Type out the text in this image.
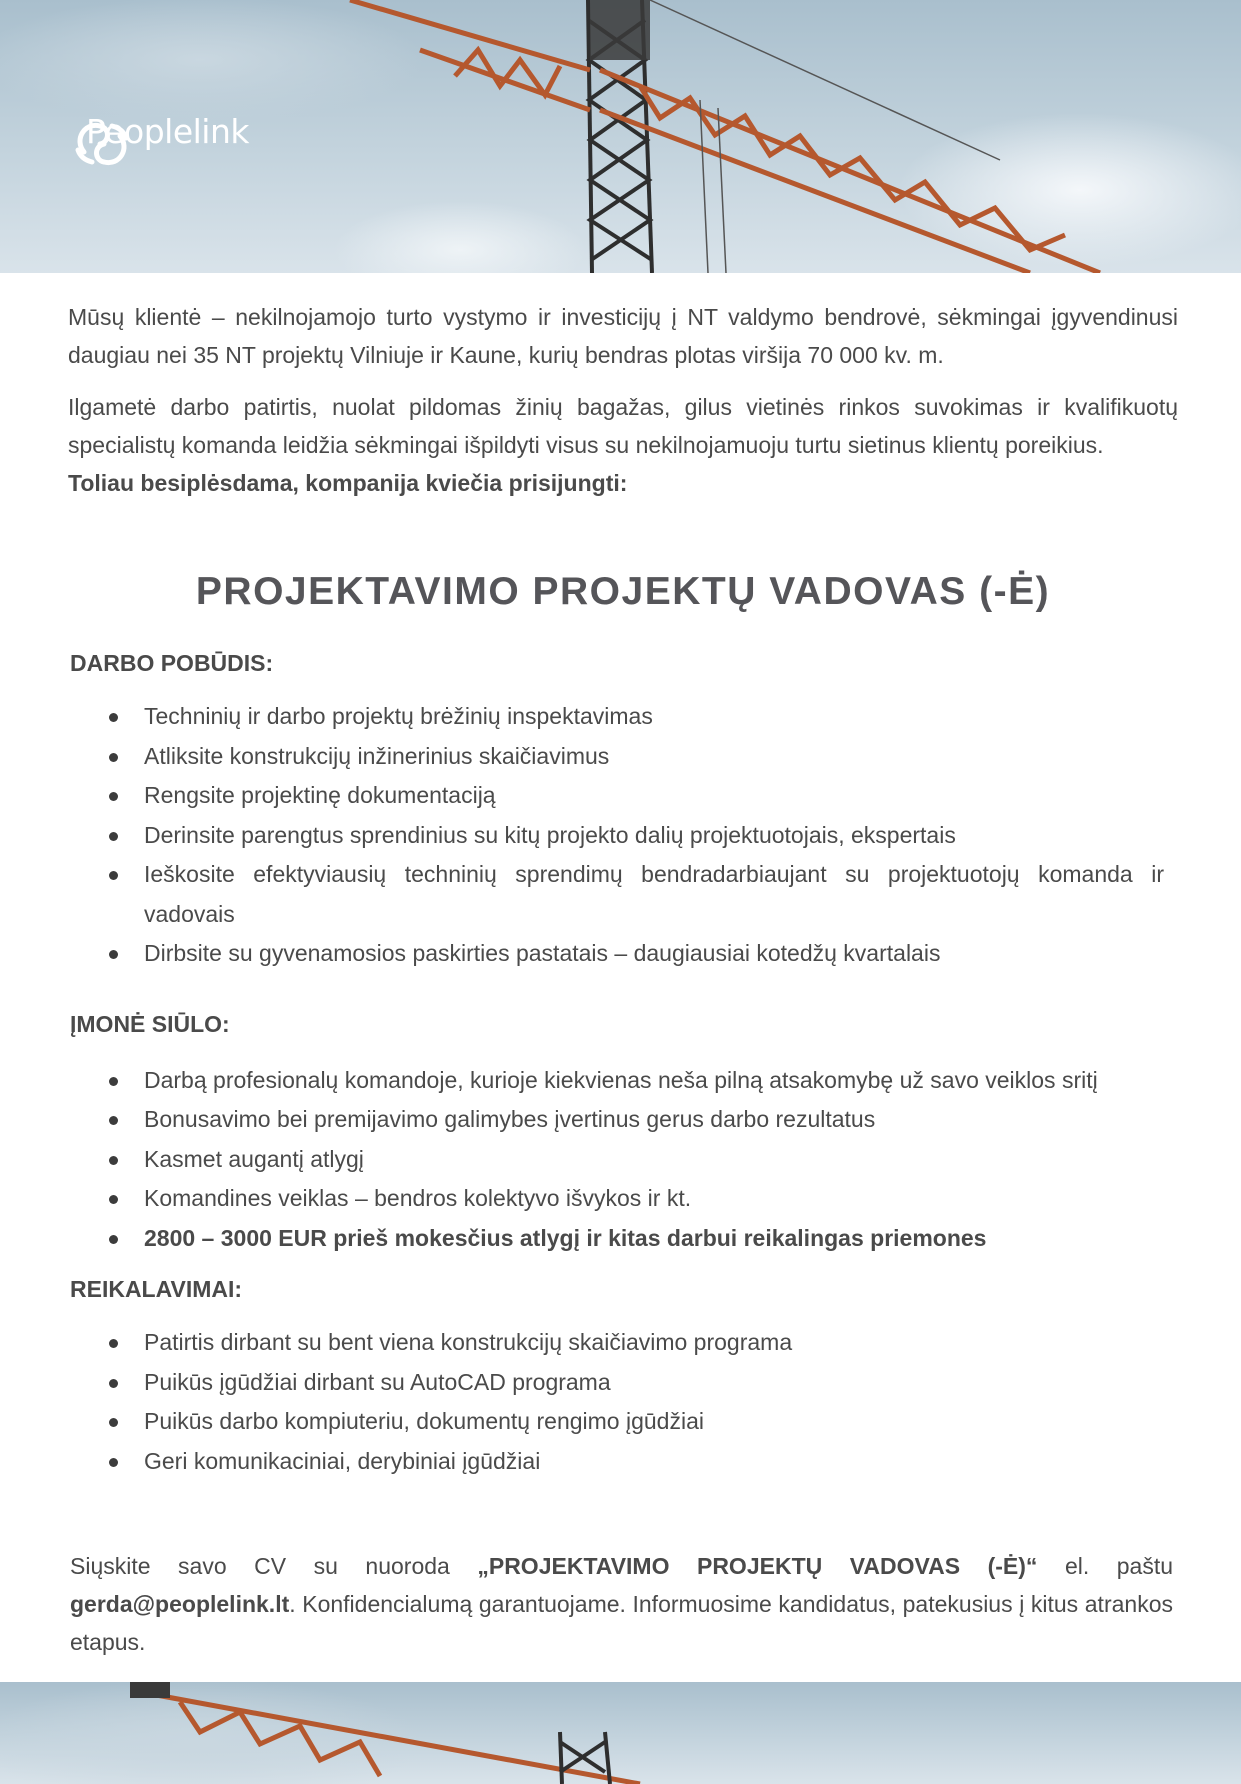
Peoplelink

Mūsų klientė – nekilnojamojo turto vystymo ir investicijų į NT valdymo bendrovė, sėkmingai įgyvendinusi daugiau nei 35 NT projektų Vilniuje ir Kaune, kurių bendras plotas viršija 70 000 kv. m.

Ilgametė darbo patirtis, nuolat pildomas žinių bagažas, gilus vietinės rinkos suvokimas ir kvalifikuotų specialistų komanda leidžia sėkmingai išpildyti visus su nekilnojamuoju turtu sietinus klientų poreikius.
Toliau besiplėsdama, kompanija kviečia prisijungti:

PROJEKTAVIMO PROJEKTŲ VADOVAS (-Ė)
DARBO POBŪDIS:
Techninių ir darbo projektų brėžinių inspektavimas
Atliksite konstrukcijų inžinerinius skaičiavimus
Rengsite projektinę dokumentaciją
Derinsite parengtus sprendinius su kitų projekto dalių projektuotojais, ekspertais
Ieškosite efektyviausių techninių sprendimų bendradarbiaujant su projektuotojų komanda ir vadovais
Dirbsite su gyvenamosios paskirties pastatais – daugiausiai kotedžų kvartalais
ĮMONĖ SIŪLO:
Darbą profesionalų komandoje, kurioje kiekvienas neša pilną atsakomybę už savo veiklos sritį
Bonusavimo bei premijavimo galimybes įvertinus gerus darbo rezultatus
Kasmet augantį atlygį
Komandines veiklas – bendros kolektyvo išvykos ir kt.
2800 – 3000 EUR prieš mokesčius atlygį ir kitas darbui reikalingas priemones
REIKALAVIMAI:
Patirtis dirbant su bent viena konstrukcijų skaičiavimo programa
Puikūs įgūdžiai dirbant su AutoCAD programa
Puikūs darbo kompiuteriu, dokumentų rengimo įgūdžiai
Geri komunikaciniai, derybiniai įgūdžiai

Siųskite savo CV su nuoroda „PROJEKTAVIMO PROJEKTŲ VADOVAS (-Ė)“ el. paštu gerda@peoplelink.lt. Konfidencialumą garantuojame. Informuosime kandidatus, patekusius į kitus atrankos etapus.
